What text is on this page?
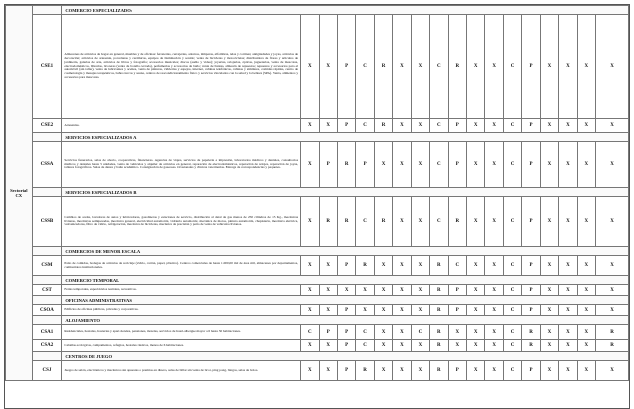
Sectorial CX		COMERCIO ESPECIALIZADO:																	
	CSE1	Almacenes de artículos de hogar en general, muebles y de oficinas: ferreterías, cerrajerías, adornos, lámparas, alfombras, telas y cortinas; antigüedades y joyas, artículos de decoración; artículos de artesanía, porcelanas y cerámicas, equipos de iluminación y sonido; venta de bicicletas y motocicletas; distribuidora de flores y artículos de jardinería, galerías de arte, artículos de libros y fotografía; accesorios musicales; discos (audio y video); joyerías, relojerías, ópticas, jugueterías, venta de mascotas, electrodomésticos, librerías, licoreras (venta de botella cerrada), perfumerías y accesorios de baño; venta de llantas, almacén de repuestos; repuestos y accesorios para el automóvil (sin taller), venta de lubricantes y aceites, venta de pinturas, vidrierías y espejos, internet, cabinas telefónicas, cabinas y similares, comidas rápidas, centro de cosmetología y masajes terapéuticos, baños turcos y sauna, centros de reacondicionamiento físico y servicios vinculados con la salud y la belleza (SPA). Venta, alimentos y accesorios para mascotas.	X	X	P	C	R	X	X	C	R	X	X	C	P	X	X	X	X
	CSE2	Artesanías.	X	X	P	C	R	X	X	C	P	X	X	C	P	X	X	X	X
		SERVICIOS ESPECIALIZADOS A																	
	CSSA	Servicios funerarios, salas de aborto, cooperativas, financieras. Agencias de viajes, servicios de papelería e impresión, laboratorios médicos y dentales, consultorios médicos y dentales hasta 5 unidades, venta de vehículos y alquiler de artículos en general, reparación de electrodomésticos, reparación de relojes, reparación de joyas, talleres fotográficos. Salas de danza y baile académico. Consignación de gaseosas. Ocasionales y clínicas veterinarias. Entrega de correspondencias y paquetes.	X	P	R	P	X	X	X	C	P	X	X	C	P	X	X	X	X
		SERVICIOS ESPECIALIZADOS B																	
	CSSB	Cambios de aceite, lavadoras de autos y lubricadoras, gasolineras y estaciones de servicio, distribución al detal de gas menos de 250 cilindros de 15 Kg., mecánicas livianas, mecánicas semipesadas, mecánica general, electricidad automotriz, vidriería automotriz, mecánica de motos, pintura automotriz, chapistería, mecánica eléctrica, vulcanizadoras, filtro de vidrio, refrigeración, mecánica de bicicletas, mecánica de precisión y patio de venta de vehículos livianos.	X	R	R	C	R	X	X	C	R	X	X	C	P	X	X	X	X
		COMERCIOS DE MENOR ESCALA																	
	CSM	Patio de comidas, bodegas de artículos de reciclaje (vidrio, cartón, papel, plástico). Centros comerciales de hasta 1.000,00 m2 de área útil, almacenes por departamentos, comisariatos institucionales.	X	X	P	R	X	X	X	R	C	X	X	C	P	X	X	X	X
		COMERCIO TEMPORAL																	
	CST	Ferias temporales, espectáculos teatrales, recreativos.	X	X	X	X	X	X	X	R	P	X	X	C	P	X	X	X	X
		OFICINAS ADMINISTRATIVAS																	
	CSOA	Edificios de oficinas públicas, privadas y corporativas.	X	X	P	X	X	X	X	R	P	X	X	C	P	X	X	X	X
		ALOJAMIENTO																	
	CSA1	Residenciales, hostales, hosterías y apart-hoteles, pensiones, moteles, servicios de hotel-albergue mayor a 6 hasta 30 habitaciones.	C	P	P	C	X	X	C	R	X	X	X	C	R	X	X	X	R
	CSA2	Cabañas ecológicas, campamentos, refugios, hostales rústicos, menos de 6 habitaciones.	X	X	P	C	X	X	X	R	X	X	X	C	R	X	X	X	R
		CENTROS DE JUEGO																	
	CSJ	Juegos de salón, electrónicos y mecánicos sin apuestas o premios en dinero, salas de billar sin venta de licor, ping pong, bingos, salas de bolos.	X	X	P	R	X	X	X	R	P	X	X	C	P	X	X	X	X
